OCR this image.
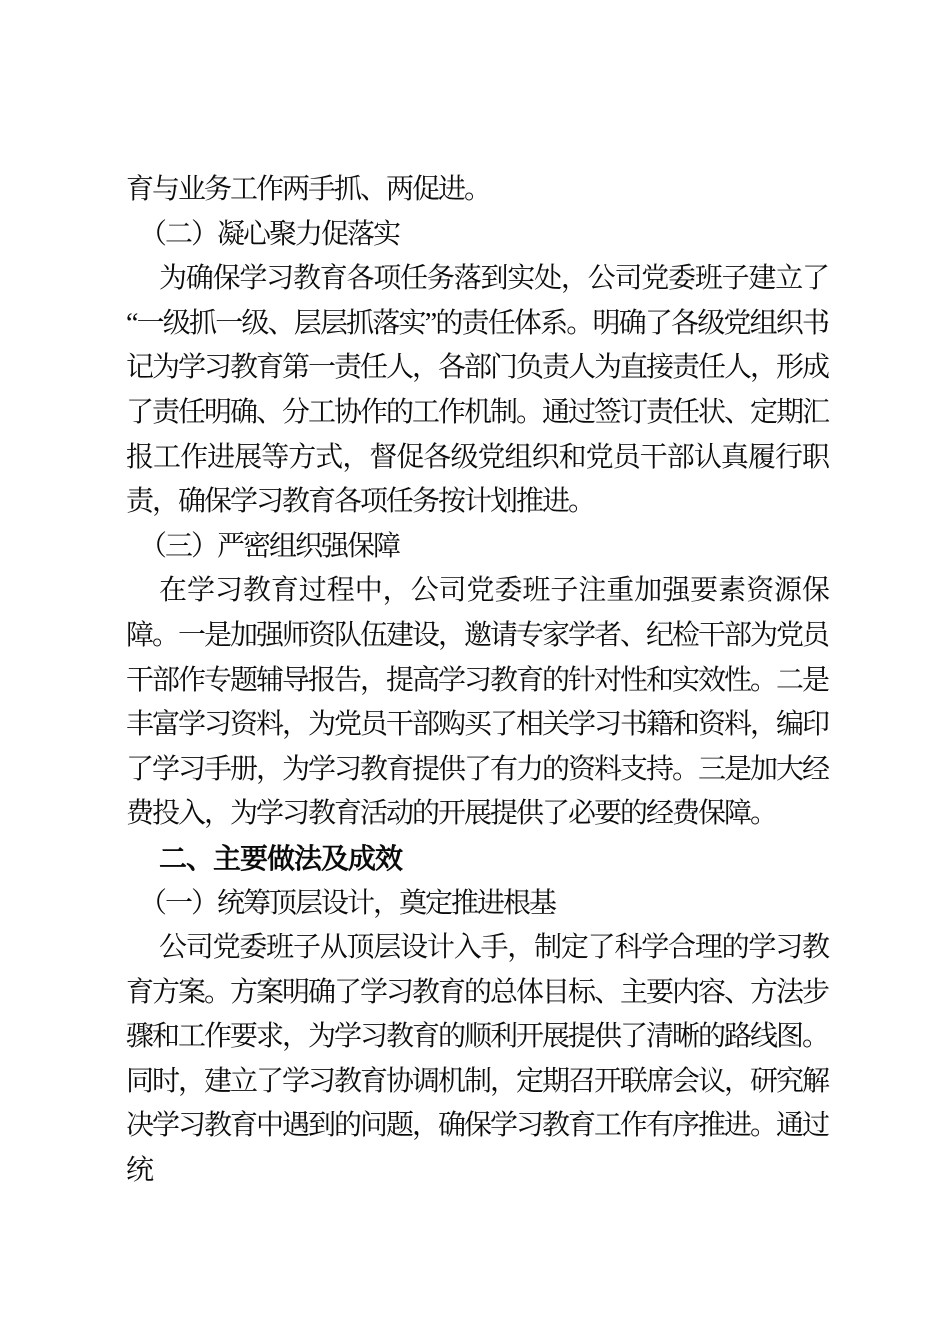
育与业务工作两手抓、两促进。

（二）凝心聚力促落实

为确保学习教育各项任务落到实处，公司党委班子建立了“一级抓一级、层层抓落实”的责任体系。明确了各级党组织书记为学习教育第一责任人，各部门负责人为直接责任人，形成了责任明确、分工协作的工作机制。通过签订责任状、定期汇报工作进展等方式，督促各级党组织和党员干部认真履行职责，确保学习教育各项任务按计划推进。

（三）严密组织强保障

在学习教育过程中，公司党委班子注重加强要素资源保障。一是加强师资队伍建设，邀请专家学者、纪检干部为党员干部作专题辅导报告，提高学习教育的针对性和实效性。二是丰富学习资料，为党员干部购买了相关学习书籍和资料，编印了学习手册，为学习教育提供了有力的资料支持。三是加大经费投入，为学习教育活动的开展提供了必要的经费保障。

二、主要做法及成效

（一）统筹顶层设计，奠定推进根基

公司党委班子从顶层设计入手，制定了科学合理的学习教育方案。方案明确了学习教育的总体目标、主要内容、方法步骤和工作要求，为学习教育的顺利开展提供了清晰的路线图。同时，建立了学习教育协调机制，定期召开联席会议，研究解决学习教育中遇到的问题，确保学习教育工作有序推进。通过统
